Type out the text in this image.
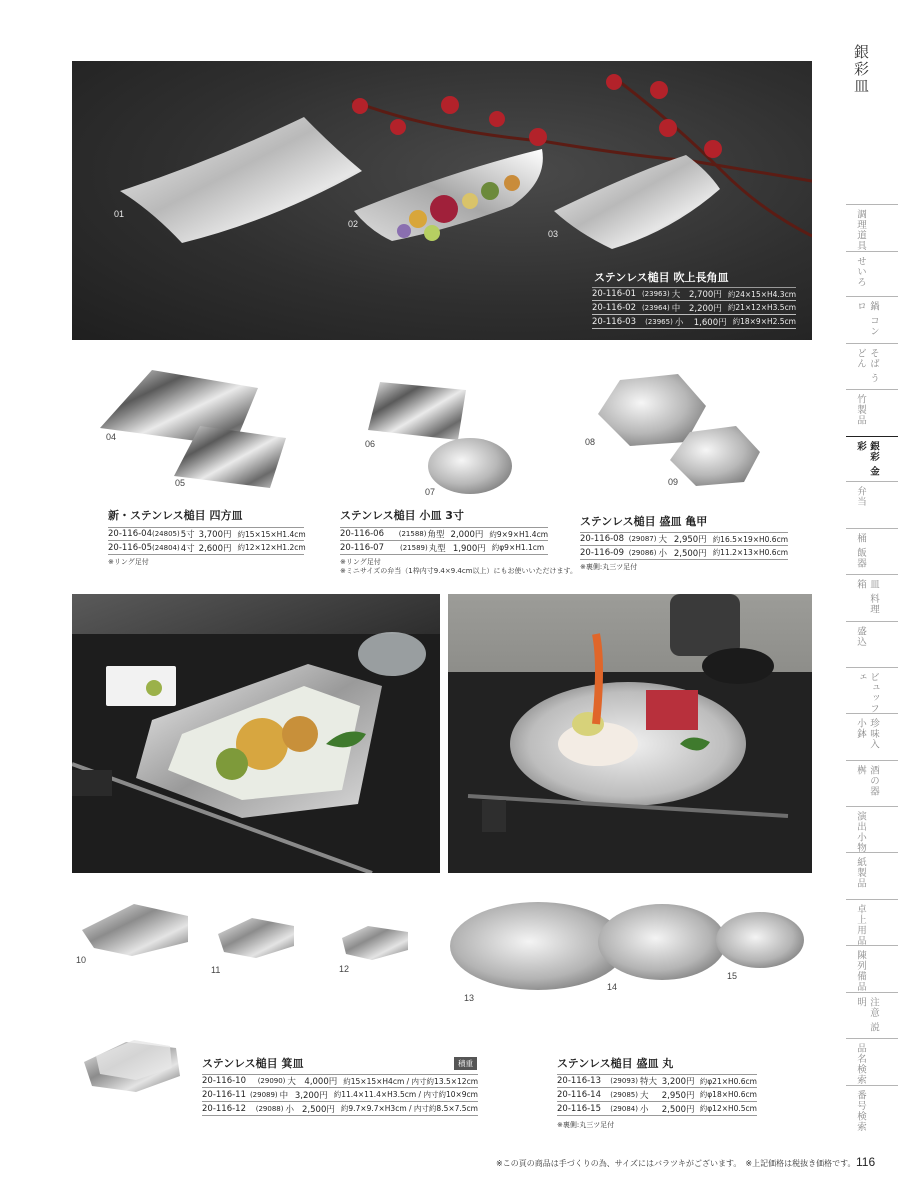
01
02
03
ステンレス槌目 吹上長角皿
20-116-01 (23963) 大	2,700円 約24×15×H4.3cm
20-116-02 (23964) 中	2,200円 約21×12×H3.5cm
20-116-03	(23965) 小	1,600円 約18×9×H2.5cm
04
05
06
07
08
09
新・ステンレス槌目 四方皿
20-116-04 (24805) 5寸 3,700円 約15×15×H1.4cm
20-116-05 (24804) 4寸 2,600円 約12×12×H1.2cm
※リング足付
ステンレス槌目 小皿 3寸
20-116-06	(21588) 角型 2,000円 約9×9×H1.4cm
20-116-07	(21589) 丸型 1,900円 約φ9×H1.1cm
※リング足付
※ミニサイズの弁当（1枠内寸9.4×9.4cm以上）にもお使いいただけます。
ステンレス槌目 盛皿 亀甲
20-116-08 (29087) 大 2,950円 約16.5×19×H0.6cm
20-116-09 (29086) 小 2,500円 約11.2×13×H0.6cm
※裏側:丸三ツ足付
10
11	12
13
14
15
ステンレス槌目 箕皿	積重
20-116-10	(29090) 大 4,000円 約15×15×H4cm / 内寸約13.5×12cm
20-116-11 (29089) 中 3,200円 約11.4×11.4×H3.5cm / 内寸約10×9cm
20-116-12	(29088) 小 2,500円 約9.7×9.7×H3cm / 内寸約8.5×7.5cm
ステンレス槌目 盛皿 丸
20-116-13	(29093) 特大 3,200円 約φ21×H0.6cm
20-116-14	(29085) 大	2,950円 約φ18×H0.6cm
20-116-15	(29084) 小	2,500円 約φ12×H0.5cm
※裏側:丸三ツ足付
銀彩皿
調理道具
せいろ
鍋 コンロ
そば うどん
竹製品
銀彩 金彩
弁当
桶 飯器
皿 料理箱
盛込
ビュッフェ
珍味入 小鉢
酒の器 桝
演出小物
紙製品
卓上用品
陳列備品
注意 説明
品名検索
番号検索
※この頁の商品は手づくりの為、サイズにはバラツキがございます。　※上記価格は税抜き価格です。 116
